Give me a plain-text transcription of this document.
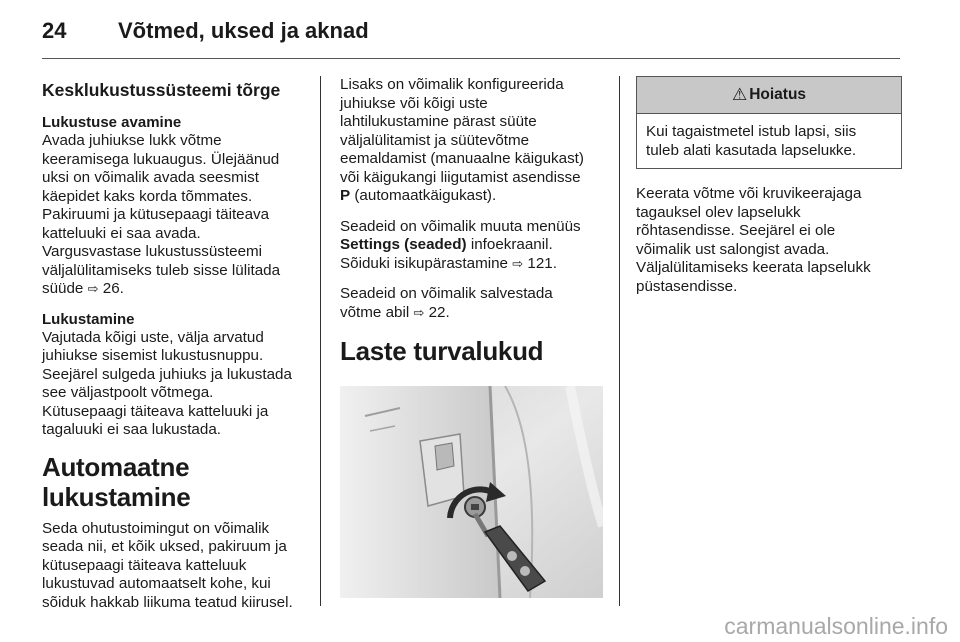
24 Võtmed, uksed ja aknad
Kesklukustussüsteemi tõrge
Lukustuse avamine

Avada juhiukse lukk võtme
keeramisega lukuaugus. Ülejäänud
uksi on võimalik avada seesmist
käepidet kaks korda tõmmates.
Pakiruumi ja kütusepaagi täiteava
katteluuki ei saa avada.
Vargusvastase lukustussüsteemi
väljalülitamiseks tuleb sisse lülitada
süüde ⇨ 26.

Lukustamine

Vajutada kõigi uste, välja arvatud
juhiukse sisemist lukustusnuppu.
Seejärel sulgeda juhiuks ja lukustada
see väljastpoolt võtmega.
Kütusepaagi täiteava katteluuki ja
tagaluuki ei saa lukustada.

Automaatne lukustamine

Seda ohutustoimingut on võimalik
seada nii, et kõik uksed, pakiruum ja
kütusepaagi täiteava katteluuk
lukustuvad automaatselt kohe, kui
sõiduk hakkab liikuma teatud kiirusel.

Lisaks on võimalik konfigureerida
juhiukse või kõigi uste
lahtilukustamine pärast süüte
väljalülitamist ja süütevõtme
eemaldamist (manuaalne käigukast)
või käigukangi liigutamist asendisse
P (automaatkäigukast).

Seadeid on võimalik muuta menüüs
Settings (seaded) infoekraanil.
Sõiduki isikupärastamine ⇨ 121.

Seadeid on võimalik salvestada
võtme abil ⇨ 22.

Laste turvalukud
⚠ Hoiatus
Kui tagaistmetel istub lapsi, siis
tuleb alati kasutada lapseluкke.

Keerata võtme või kruvikeerajaga
tagauksel olev lapselukk
rõhtasendisse. Seejärel ei ole
võimalik ust salongist avada.
Väljalülitamiseks keerata lapselukk
püstasendisse.

carmanualsonline.info
